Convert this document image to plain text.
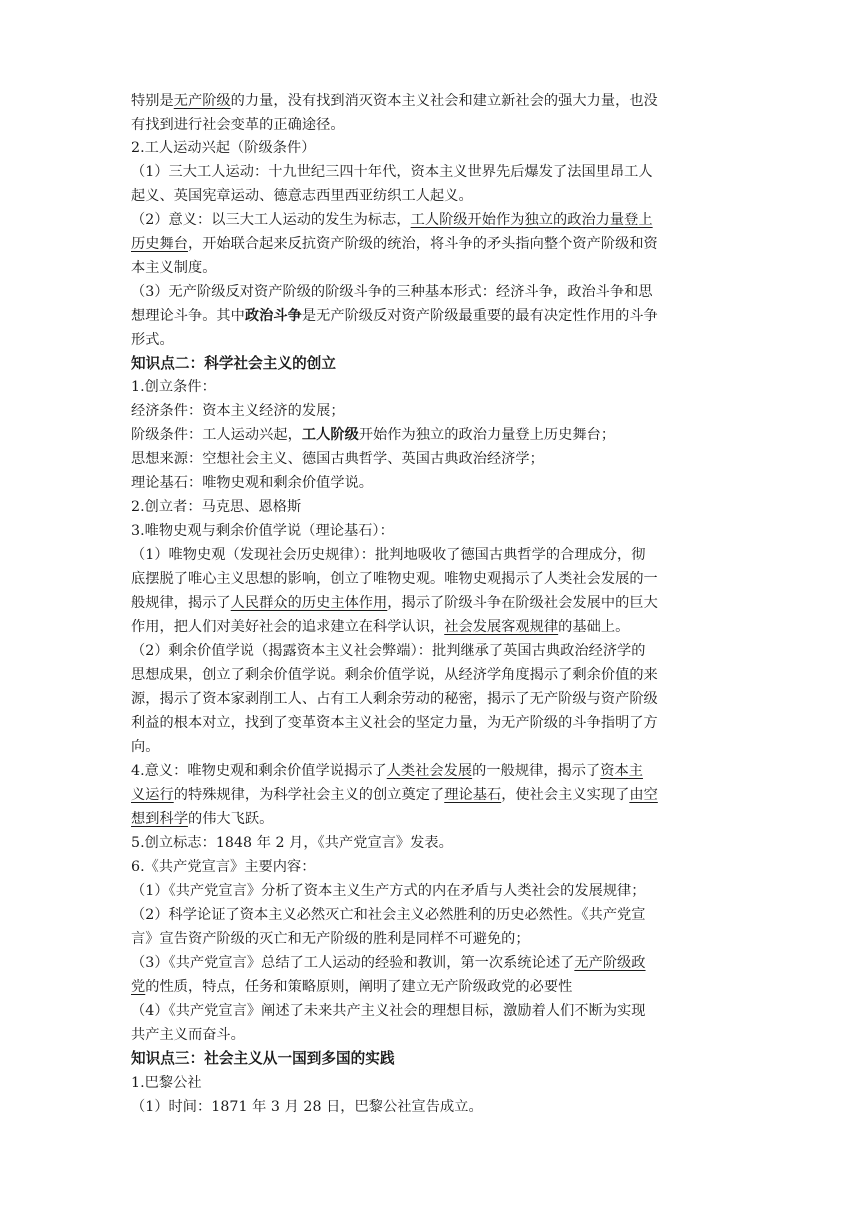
特别是无产阶级的力量，没有找到消灭资本主义社会和建立新社会的强大力量，也没
有找到进行社会变革的正确途径。
2.工人运动兴起（阶级条件）
（1）三大工人运动：十九世纪三四十年代，资本主义世界先后爆发了法国里昂工人
起义、英国宪章运动、德意志西里西亚纺织工人起义。
（2）意义：以三大工人运动的发生为标志，工人阶级开始作为独立的政治力量登上
历史舞台，开始联合起来反抗资产阶级的统治，将斗争的矛头指向整个资产阶级和资
本主义制度。
（3）无产阶级反对资产阶级的阶级斗争的三种基本形式：经济斗争，政治斗争和思
想理论斗争。其中政治斗争是无产阶级反对资产阶级最重要的最有决定性作用的斗争
形式。
知识点二：科学社会主义的创立
1.创立条件：
经济条件：资本主义经济的发展；
阶级条件：工人运动兴起，工人阶级开始作为独立的政治力量登上历史舞台；
思想来源：空想社会主义、德国古典哲学、英国古典政治经济学；
理论基石：唯物史观和剩余价值学说。
2.创立者：马克思、恩格斯
3.唯物史观与剩余价值学说（理论基石）：
（1）唯物史观（发现社会历史规律）：批判地吸收了德国古典哲学的合理成分，彻
底摆脱了唯心主义思想的影响，创立了唯物史观。唯物史观揭示了人类社会发展的一
般规律，揭示了人民群众的历史主体作用，揭示了阶级斗争在阶级社会发展中的巨大
作用，把人们对美好社会的追求建立在科学认识，社会发展客观规律的基础上。
（2）剩余价值学说（揭露资本主义社会弊端）：批判继承了英国古典政治经济学的
思想成果，创立了剩余价值学说。剩余价值学说，从经济学角度揭示了剩余价值的来
源，揭示了资本家剥削工人、占有工人剩余劳动的秘密，揭示了无产阶级与资产阶级
利益的根本对立，找到了变革资本主义社会的坚定力量，为无产阶级的斗争指明了方
向。
4.意义：唯物史观和剩余价值学说揭示了人类社会发展的一般规律，揭示了资本主
义运行的特殊规律，为科学社会主义的创立奠定了理论基石，使社会主义实现了由空
想到科学的伟大飞跃。
5.创立标志：1848 年 2 月，《共产党宣言》发表。
6.《共产党宣言》主要内容：
（1）《共产党宣言》分析了资本主义生产方式的内在矛盾与人类社会的发展规律；
（2）科学论证了资本主义必然灭亡和社会主义必然胜利的历史必然性。《共产党宣
言》宣告资产阶级的灭亡和无产阶级的胜利是同样不可避免的；
（3）《共产党宣言》总结了工人运动的经验和教训，第一次系统论述了无产阶级政
党的性质，特点，任务和策略原则，阐明了建立无产阶级政党的必要性
（4）《共产党宣言》阐述了未来共产主义社会的理想目标，激励着人们不断为实现
共产主义而奋斗。
知识点三：社会主义从一国到多国的实践
1.巴黎公社
（1）时间：1871 年 3 月 28 日，巴黎公社宣告成立。
